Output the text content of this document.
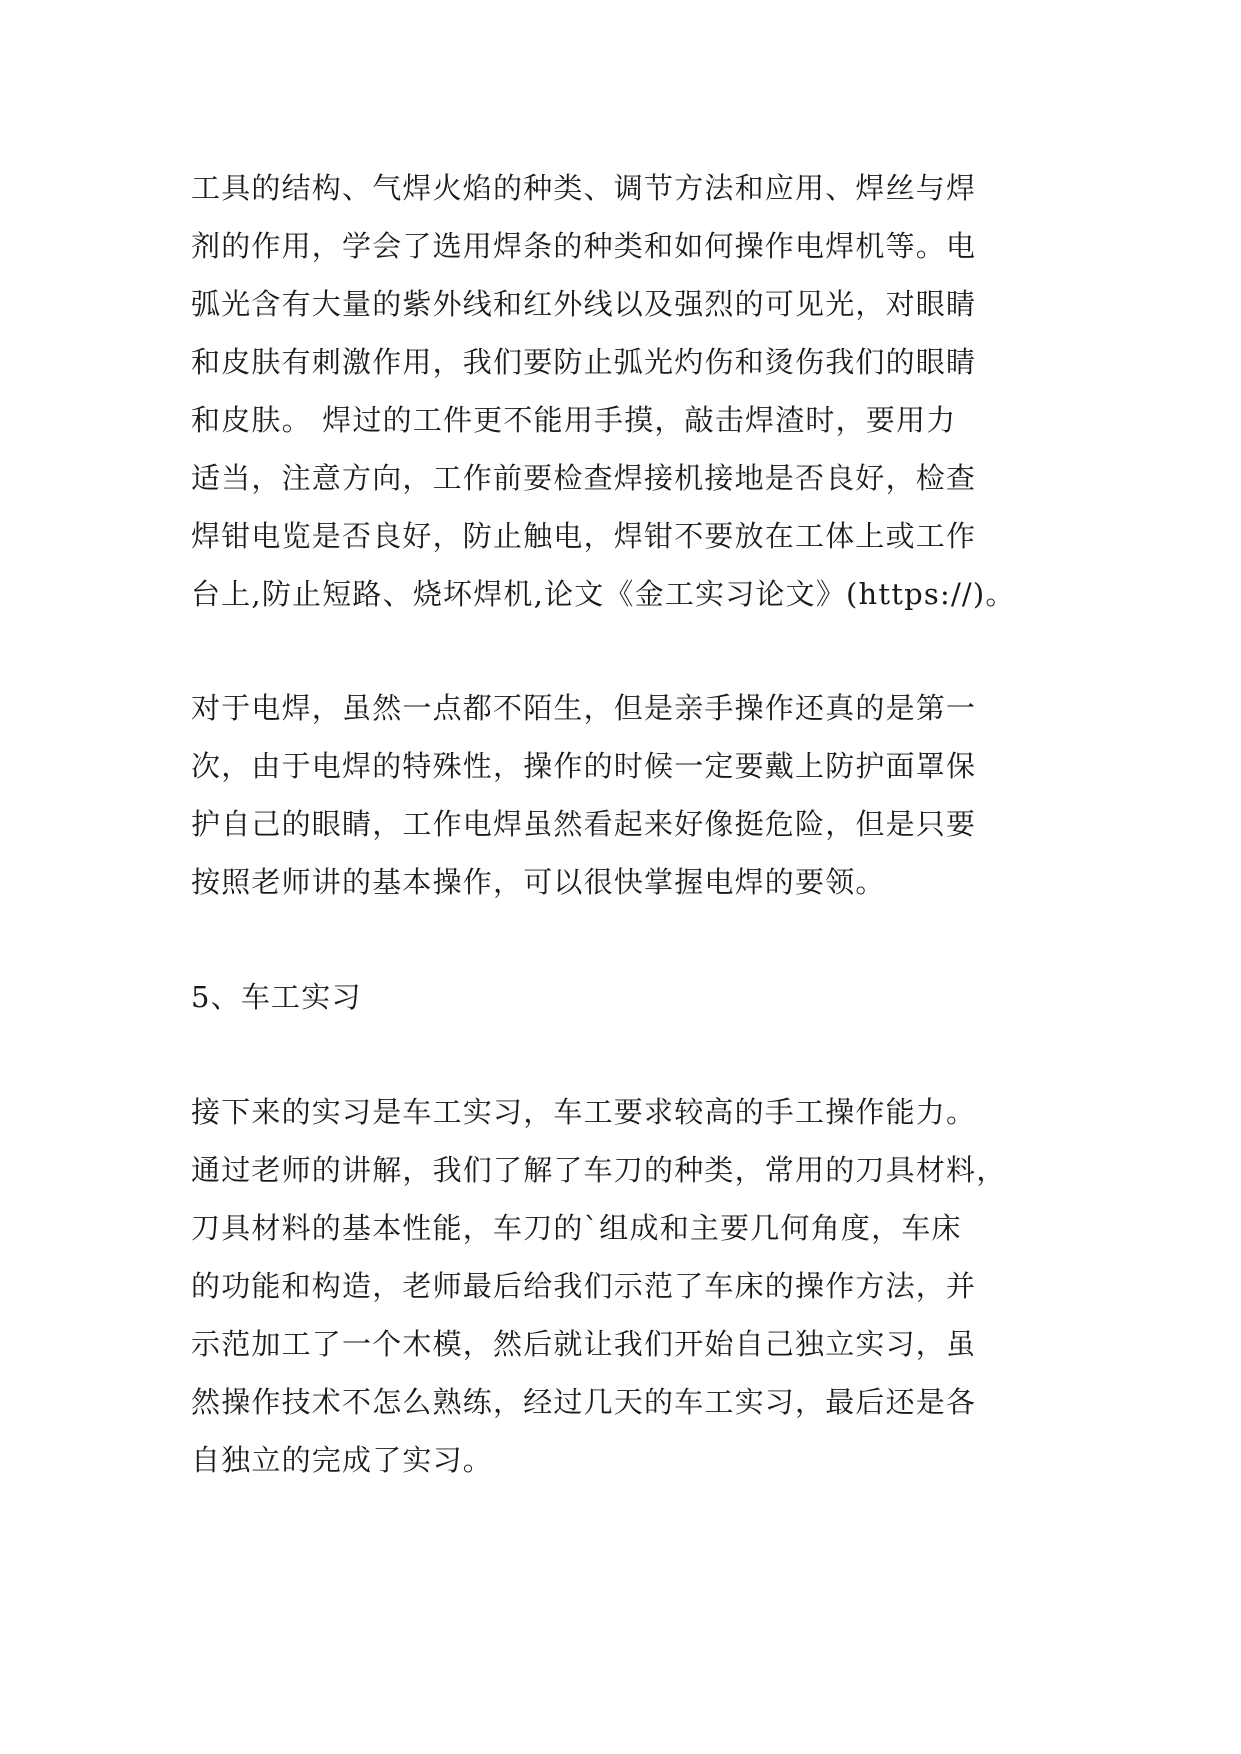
工具的结构、气焊火焰的种类、调节方法和应用、焊丝与焊

剂的作用，学会了选用焊条的种类和如何操作电焊机等。电

弧光含有大量的紫外线和红外线以及强烈的可见光，对眼睛

和皮肤有刺激作用，我们要防止弧光灼伤和烫伤我们的眼睛

和皮肤。 焊过的工件更不能用手摸，敲击焊渣时，要用力

适当，注意方向，工作前要检查焊接机接地是否良好，检查

焊钳电览是否良好，防止触电，焊钳不要放在工体上或工作

台上,防止短路、烧坏焊机,论文《金工实习论文》(https://)。

对于电焊，虽然一点都不陌生，但是亲手操作还真的是第一

次，由于电焊的特殊性，操作的时候一定要戴上防护面罩保

护自己的眼睛，工作电焊虽然看起来好像挺危险，但是只要

按照老师讲的基本操作，可以很快掌握电焊的要领。

5、车工实习

接下来的实习是车工实习，车工要求较高的手工操作能力。

通过老师的讲解，我们了解了车刀的种类，常用的刀具材料，

刀具材料的基本性能，车刀的`组成和主要几何角度，车床

的功能和构造，老师最后给我们示范了车床的操作方法，并

示范加工了一个木模，然后就让我们开始自己独立实习，虽

然操作技术不怎么熟练，经过几天的车工实习，最后还是各

自独立的完成了实习。
